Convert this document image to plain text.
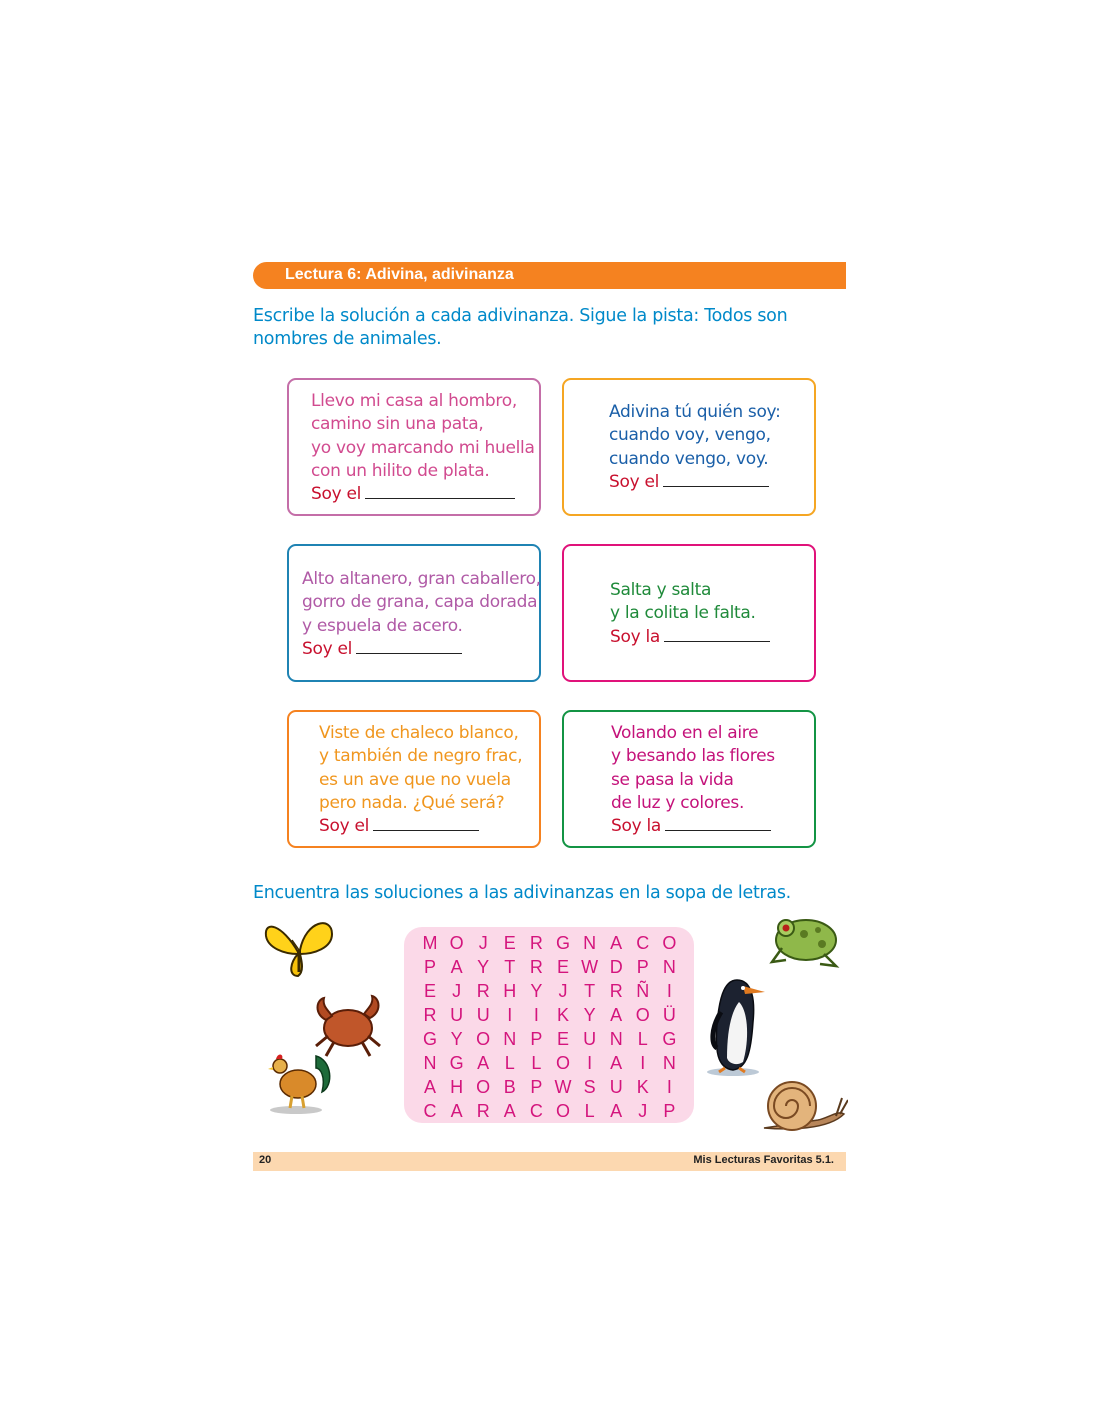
Lectura 6: Adivina, adivinanza
Escribe la solución a cada adivinanza. Sigue la pista: Todos son nombres de animales.
Llevo mi casa al hombro,
camino sin una pata,
yo voy marcando mi huella
con un hilito de plata.
Soy el
Adivina tú quién soy:
cuando voy, vengo,
cuando vengo, voy.
Soy el
Alto altanero, gran caballero,
gorro de grana, capa dorada
y espuela de acero.
Soy el
Salta y salta
y la colita le falta.
Soy la
Viste de chaleco blanco,
y también de negro frac,
es un ave que no vuela
pero nada. ¿Qué será?
Soy el
Volando en el aire
y besando las flores
se pasa la vida
de luz y colores.
Soy la
Encuentra las soluciones a las adivinanzas en la sopa de letras.
M O J E R G N A C O
P A Y T R E W D P N
E J R H Y J T R Ñ I
R U U I	I	K Y A O Ü
G Y O N P E U N L G
N G A L L O I	A	I N
A H O B P W S U K	I
C A R A C O L A J P
20	Mis Lecturas Favoritas 5.1.
